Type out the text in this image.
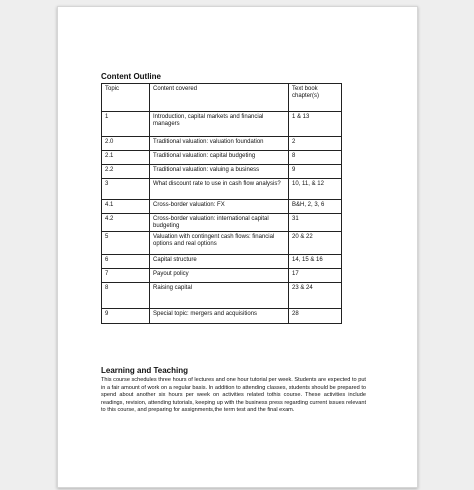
Content Outline
Topic	Content covered	Text book chapter(s)
1	Introduction, capital markets and financial managers	1 & 13
2.0	Traditional valuation: valuation foundation	2
2.1	Traditional valuation: capital budgeting	8
2.2	Traditional valuation: valuing a business	9
3	What discount rate to use in cash flow analysis?	10, 11, & 12
4.1	Cross-border valuation: FX	B&H, 2, 3, 6
4.2	Cross-border valuation: international capital budgeting	31
5	Valuation with contingent cash flows: financial options and real options	20 & 22
6	Capital structure	14, 15 & 16
7	Payout policy	17
8	Raising capital	23 & 24
9	Special topic: mergers and acquisitions	28
Learning and Teaching

This course schedules three hours of lectures and one hour tutorial per week. Students are expected to put in a fair amount of work on a regular basis. In addition to attending classes, students should be prepared to spend about another six hours per week on activities related tothis course. These activities include readings, revision, attending tutorials, keeping up with the business press regarding current issues relevant to this course, and preparing for assignments,the term test and the final exam.
